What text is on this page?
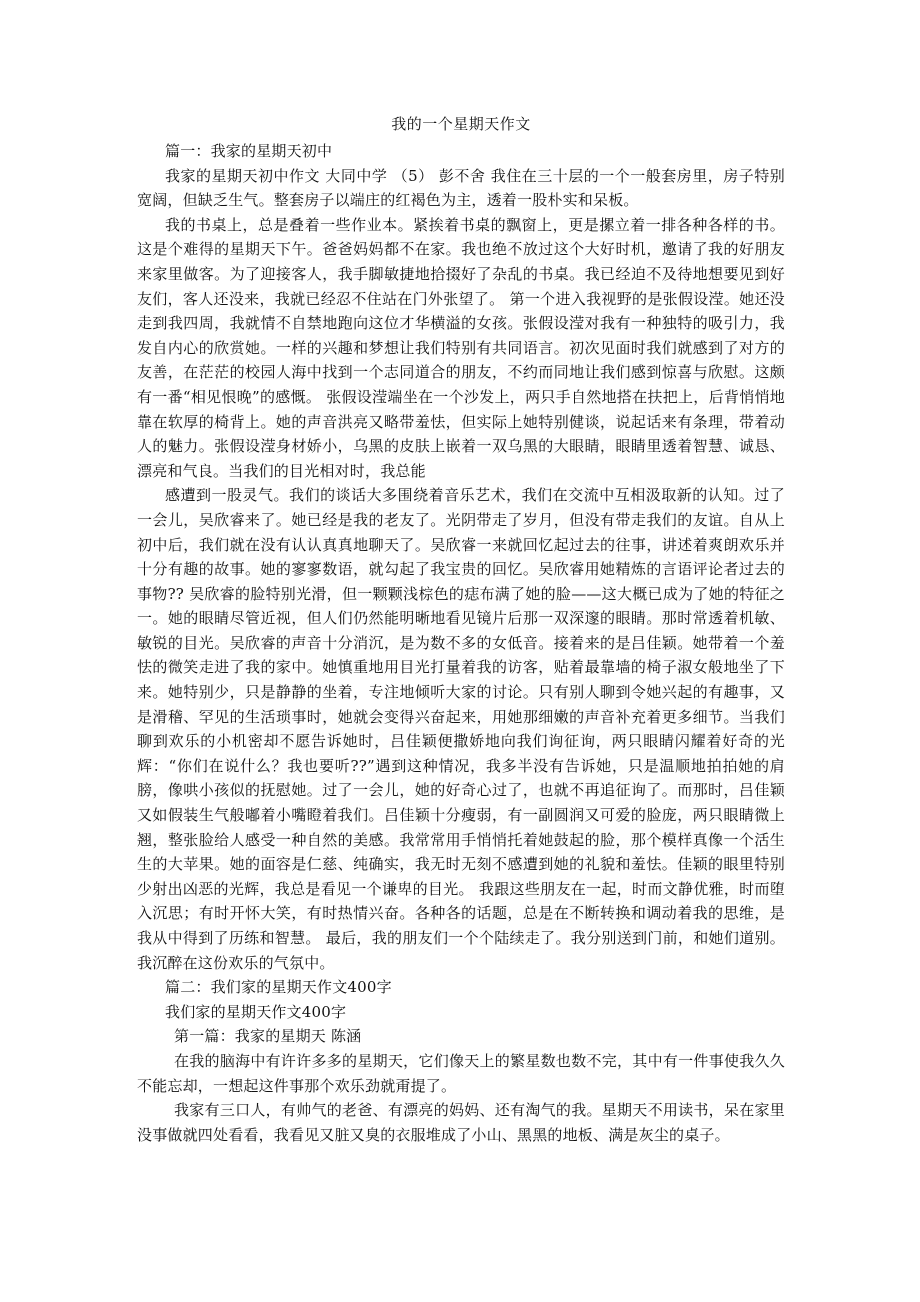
我的一个星期天作文

篇一：我家的星期天初中

我家的星期天初中作文 大同中学 （5） 彭不舍 我住在三十层的一个一般套房里，房子特别宽阔，但缺乏生气。整套房子以端庄的红褐色为主，透着一股朴实和呆板。

我的书桌上，总是叠着一些作业本。紧挨着书桌的飘窗上，更是摞立着一排各种各样的书。 这是个难得的星期天下午。爸爸妈妈都不在家。我也绝不放过这个大好时机，邀请了我的好朋友来家里做客。为了迎接客人，我手脚敏捷地拾掇好了杂乱的书桌。我已经迫不及待地想要见到好友们，客人还没来，我就已经忍不住站在门外张望了。 第一个进入我视野的是张假设滢。她还没走到我四周，我就情不自禁地跑向这位才华横溢的女孩。张假设滢对我有一种独特的吸引力，我发自内心的欣赏她。一样的兴趣和梦想让我们特别有共同语言。初次见面时我们就感到了对方的友善，在茫茫的校园人海中找到一个志同道合的朋友，不约而同地让我们感到惊喜与欣慰。这颇有一番“相见恨晚”的感慨。 张假设滢端坐在一个沙发上，两只手自然地搭在扶把上，后背悄悄地靠在软厚的椅背上。她的声音洪亮又略带羞怯，但实际上她特别健谈，说起话来有条理，带着动人的魅力。张假设滢身材娇小，乌黑的皮肤上嵌着一双乌黑的大眼睛，眼睛里透着智慧、诚恳、漂亮和气良。当我们的目光相对时，我总能

感遭到一股灵气。我们的谈话大多围绕着音乐艺术，我们在交流中互相汲取新的认知。过了一会儿，吴欣睿来了。她已经是我的老友了。光阴带走了岁月，但没有带走我们的友谊。自从上初中后，我们就在没有认认真真地聊天了。吴欣睿一来就回忆起过去的往事，讲述着爽朗欢乐并十分有趣的故事。她的寥寥数语，就勾起了我宝贵的回忆。吴欣睿用她精炼的言语评论者过去的事物?? 吴欣睿的脸特别光滑，但一颗颗浅棕色的痣布满了她的脸——这大概已成为了她的特征之一。她的眼睛尽管近视，但人们仍然能明晰地看见镜片后那一双深邃的眼睛。那时常透着机敏、敏锐的目光。吴欣睿的声音十分消沉，是为数不多的女低音。接着来的是吕佳颖。她带着一个羞怯的微笑走进了我的家中。她慎重地用目光打量着我的访客，贴着最靠墙的椅子淑女般地坐了下来。她特别少，只是静静的坐着，专注地倾听大家的讨论。只有别人聊到令她兴起的有趣事，又是滑稽、罕见的生活琐事时，她就会变得兴奋起来，用她那细嫩的声音补充着更多细节。当我们聊到欢乐的小机密却不愿告诉她时，吕佳颖便撒娇地向我们询征询，两只眼睛闪耀着好奇的光辉：“你们在说什么？我也要听??”遇到这种情况，我多半没有告诉她，只是温顺地拍拍她的肩膀，像哄小孩似的抚慰她。过了一会儿，她的好奇心过了，也就不再追征询了。而那时，吕佳颖又如假装生气般嘟着小嘴瞪着我们。吕佳颖十分瘦弱，有一副圆润又可爱的脸庞，两只眼睛微上翘，整张脸给人感受一种自然的美感。我常常用手悄悄托着她鼓起的脸，那个模样真像一个活生生的大苹果。她的面容是仁慈、纯确实，我无时无刻不感遭到她的礼貌和羞怯。佳颖的眼里特别少射出凶恶的光辉，我总是看见一个谦卑的目光。 我跟这些朋友在一起，时而文静优雅，时而堕入沉思；有时开怀大笑，有时热情兴奋。各种各的话题，总是在不断转换和调动着我的思维，是我从中得到了历练和智慧。 最后，我的朋友们一个个陆续走了。我分别送到门前，和她们道别。我沉醉在这份欢乐的气氛中。

篇二：我们家的星期天作文400字

我们家的星期天作文400字

第一篇：我家的星期天 陈涵

在我的脑海中有许许多多的星期天，它们像天上的繁星数也数不完，其中有一件事使我久久不能忘却，一想起这件事那个欢乐劲就甭提了。

我家有三口人，有帅气的老爸、有漂亮的妈妈、还有淘气的我。星期天不用读书，呆在家里没事做就四处看看，我看见又脏又臭的衣服堆成了小山、黑黑的地板、满是灰尘的桌子。
